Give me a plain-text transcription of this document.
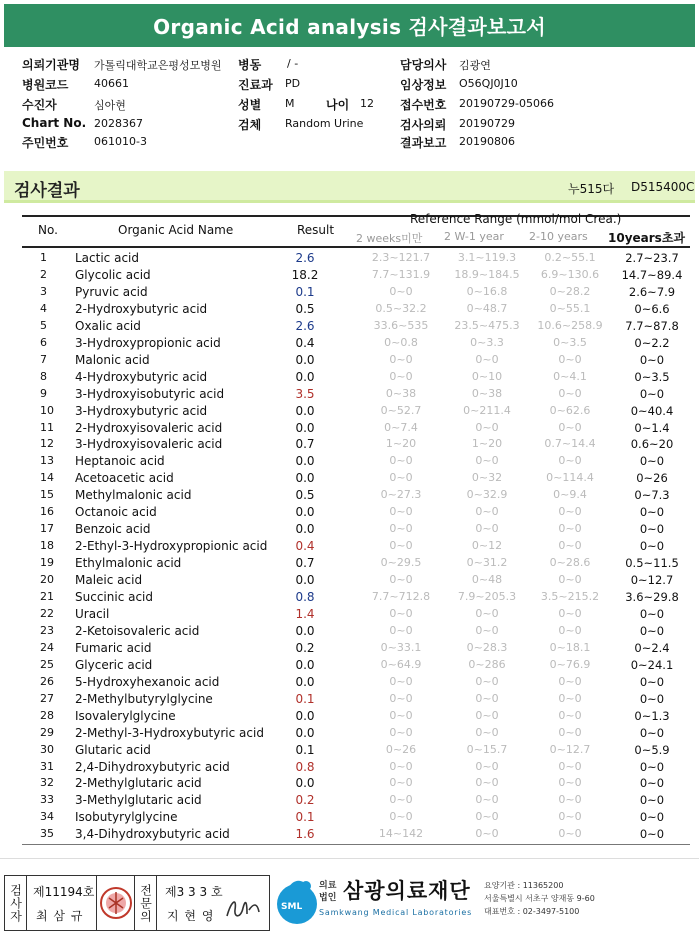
Organic Acid analysis 검사결과보고서
의뢰기관명 가톨릭대학교은평성모병원
병원코드 40661
수진자	심아현
Chart No. 2028367
주민번호 061010-3
병동 / -
진료과 PD
성별 M	나이 12
검체 Random Urine
담당의사 김광연
임상정보 O56QJ0J10
접수번호 20190729-05066
검사의뢰 20190729
결과보고 20190806
검사결과	누515다 D515400C
No.	Organic Acid Name	Result
Reference Range (mmol/mol Crea.)
2 weeks미만 2 W-1 year 2-10 years 10years초과
1	Lactic acid	2.6	2.3~121.7	3.1~119.3	0.2~55.1	2.7~23.7
2	Glycolic acid	18.2	7.7~131.9	18.9~184.5	6.9~130.6	14.7~89.4
3	Pyruvic acid	0.1	0~0	0~16.8	0~28.2	2.6~7.9
4	2-Hydroxybutyric acid	0.5	0.5~32.2	0~48.7	0~55.1	0~6.6
5	Oxalic acid	2.6	33.6~535	23.5~475.3	10.6~258.9	7.7~87.8
6	3-Hydroxypropionic acid	0.4	0~0.8	0~3.3	0~3.5	0~2.2
7	Malonic acid	0.0	0~0	0~0	0~0	0~0
8	4-Hydroxybutyric acid	0.0	0~0	0~10	0~4.1	0~3.5
9	3-Hydroxyisobutyric acid	3.5	0~38	0~38	0~0	0~0
10	3-Hydroxybutyric acid	0.0	0~52.7	0~211.4	0~62.6	0~40.4
11	2-Hydroxyisovaleric acid	0.0	0~7.4	0~0	0~0	0~1.4
12	3-Hydroxyisovaleric acid	0.7	1~20	1~20	0.7~14.4	0.6~20
13	Heptanoic acid	0.0	0~0	0~0	0~0	0~0
14	Acetoacetic acid	0.0	0~0	0~32	0~114.4	0~26
15	Methylmalonic acid	0.5	0~27.3	0~32.9	0~9.4	0~7.3
16	Octanoic acid	0.0	0~0	0~0	0~0	0~0
17	Benzoic acid	0.0	0~0	0~0	0~0	0~0
18	2-Ethyl-3-Hydroxypropionic acid	0.4	0~0	0~12	0~0	0~0
19	Ethylmalonic acid	0.7	0~29.5	0~31.2	0~28.6	0.5~11.5
20	Maleic acid	0.0	0~0	0~48	0~0	0~12.7
21	Succinic acid	0.8	7.7~712.8	7.9~205.3	3.5~215.2	3.6~29.8
22	Uracil	1.4	0~0	0~0	0~0	0~0
23	2-Ketoisovaleric acid	0.0	0~0	0~0	0~0	0~0
24	Fumaric acid	0.2	0~33.1	0~28.3	0~18.1	0~2.4
25	Glyceric acid	0.0	0~64.9	0~286	0~76.9	0~24.1
26	5-Hydroxyhexanoic acid	0.0	0~0	0~0	0~0	0~0
27	2-Methylbutyrylglycine	0.1	0~0	0~0	0~0	0~0
28	Isovalerylglycine	0.0	0~0	0~0	0~0	0~1.3
29	2-Methyl-3-Hydroxybutyric acid	0.0	0~0	0~0	0~0	0~0
30	Glutaric acid	0.1	0~26	0~15.7	0~12.7	0~5.9
31	2,4-Dihydroxybutyric acid	0.8	0~0	0~0	0~0	0~0
32	2-Methylglutaric acid	0.0	0~0	0~0	0~0	0~0
33	3-Methylglutaric acid	0.2	0~0	0~0	0~0	0~0
34	Isobutyrylglycine	0.1	0~0	0~0	0~0	0~0
35	3,4-Dihydroxybutyric acid	1.6	14~142	0~0	0~0	0~0
검사자 제11194호
최 삼 규	전문의 제3 3 3 호
지 현 영
SML
의료
법인 삼광의료재단
Samkwang Medical Laboratories
요양기관 : 11365200
서울특별시 서초구 양재동 9-60
대표번호 : 02-3497-5100
